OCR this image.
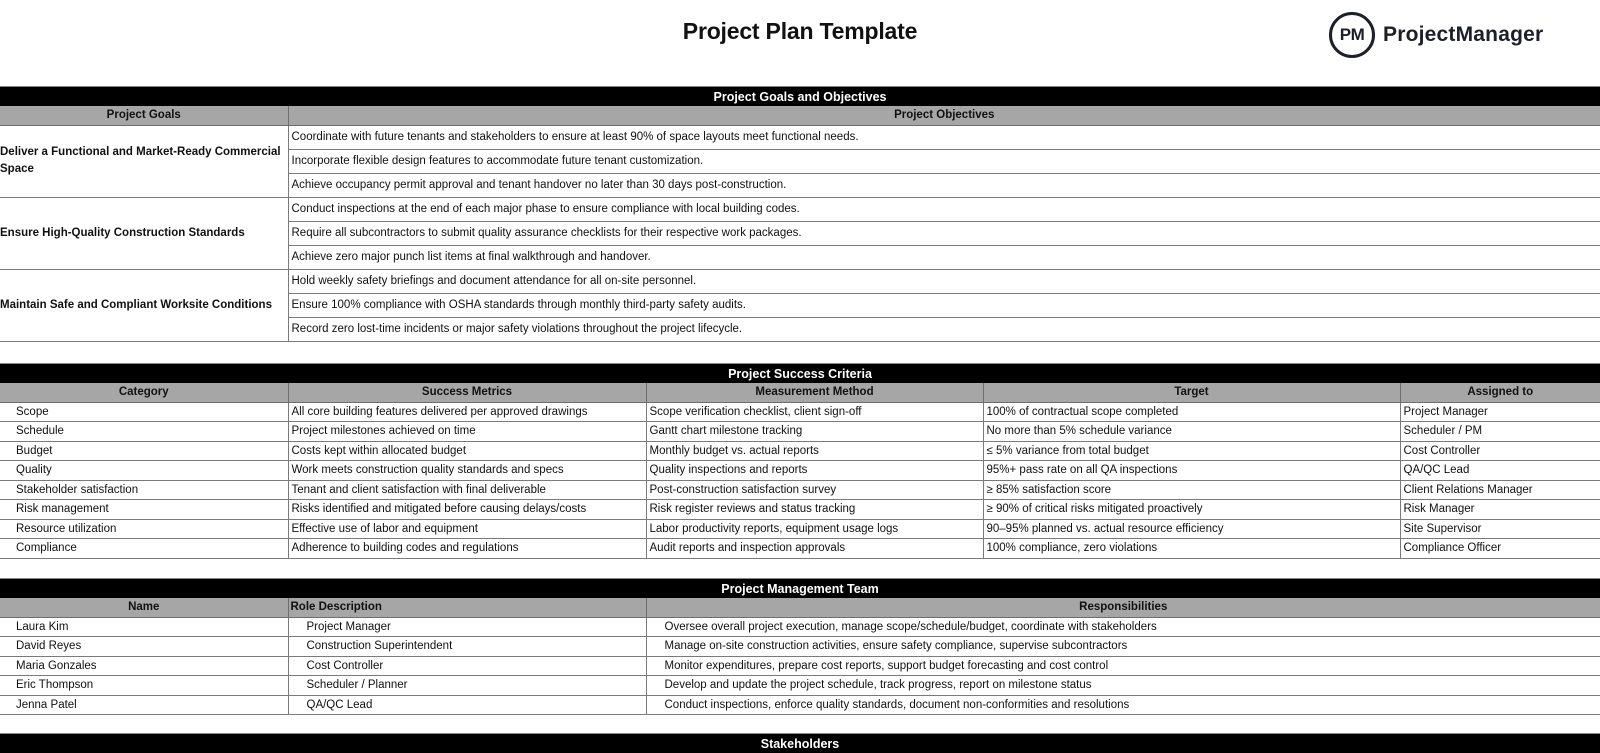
Project Plan Template	PM ProjectManager
Project Goals and Objectives
Project Goals	Project Objectives
Deliver a Functional and Market-Ready Commercial Space	Coordinate with future tenants and stakeholders to ensure at least 90% of space layouts meet functional needs.
	Incorporate flexible design features to accommodate future tenant customization.
	Achieve occupancy permit approval and tenant handover no later than 30 days post-construction.
Ensure High-Quality Construction Standards	Conduct inspections at the end of each major phase to ensure compliance with local building codes.
	Require all subcontractors to submit quality assurance checklists for their respective work packages.
	Achieve zero major punch list items at final walkthrough and handover.
Maintain Safe and Compliant Worksite Conditions	Hold weekly safety briefings and document attendance for all on-site personnel.
	Ensure 100% compliance with OSHA standards through monthly third-party safety audits.
	Record zero lost-time incidents or major safety violations throughout the project lifecycle.
Project Success Criteria
Category	Success Metrics	Measurement Method	Target	Assigned to
Scope	All core building features delivered per approved drawings	Scope verification checklist, client sign-off	100% of contractual scope completed	Project Manager
Schedule	Project milestones achieved on time	Gantt chart milestone tracking	No more than 5% schedule variance	Scheduler / PM
Budget	Costs kept within allocated budget	Monthly budget vs. actual reports	≤ 5% variance from total budget	Cost Controller
Quality	Work meets construction quality standards and specs	Quality inspections and reports	95%+ pass rate on all QA inspections	QA/QC Lead
Stakeholder satisfaction	Tenant and client satisfaction with final deliverable	Post-construction satisfaction survey	≥ 85% satisfaction score	Client Relations Manager
Risk management	Risks identified and mitigated before causing delays/costs	Risk register reviews and status tracking	≥ 90% of critical risks mitigated proactively	Risk Manager
Resource utilization	Effective use of labor and equipment	Labor productivity reports, equipment usage logs	90–95% planned vs. actual resource efficiency	Site Supervisor
Compliance	Adherence to building codes and regulations	Audit reports and inspection approvals	100% compliance, zero violations	Compliance Officer
Project Management Team
Name	Role Description	Responsibilities
Laura Kim	Project Manager	Oversee overall project execution, manage scope/schedule/budget, coordinate with stakeholders
David Reyes	Construction Superintendent	Manage on-site construction activities, ensure safety compliance, supervise subcontractors
Maria Gonzales	Cost Controller	Monitor expenditures, prepare cost reports, support budget forecasting and cost control
Eric Thompson	Scheduler / Planner	Develop and update the project schedule, track progress, report on milestone status
Jenna Patel	QA/QC Lead	Conduct inspections, enforce quality standards, document non-conformities and resolutions
Stakeholders
